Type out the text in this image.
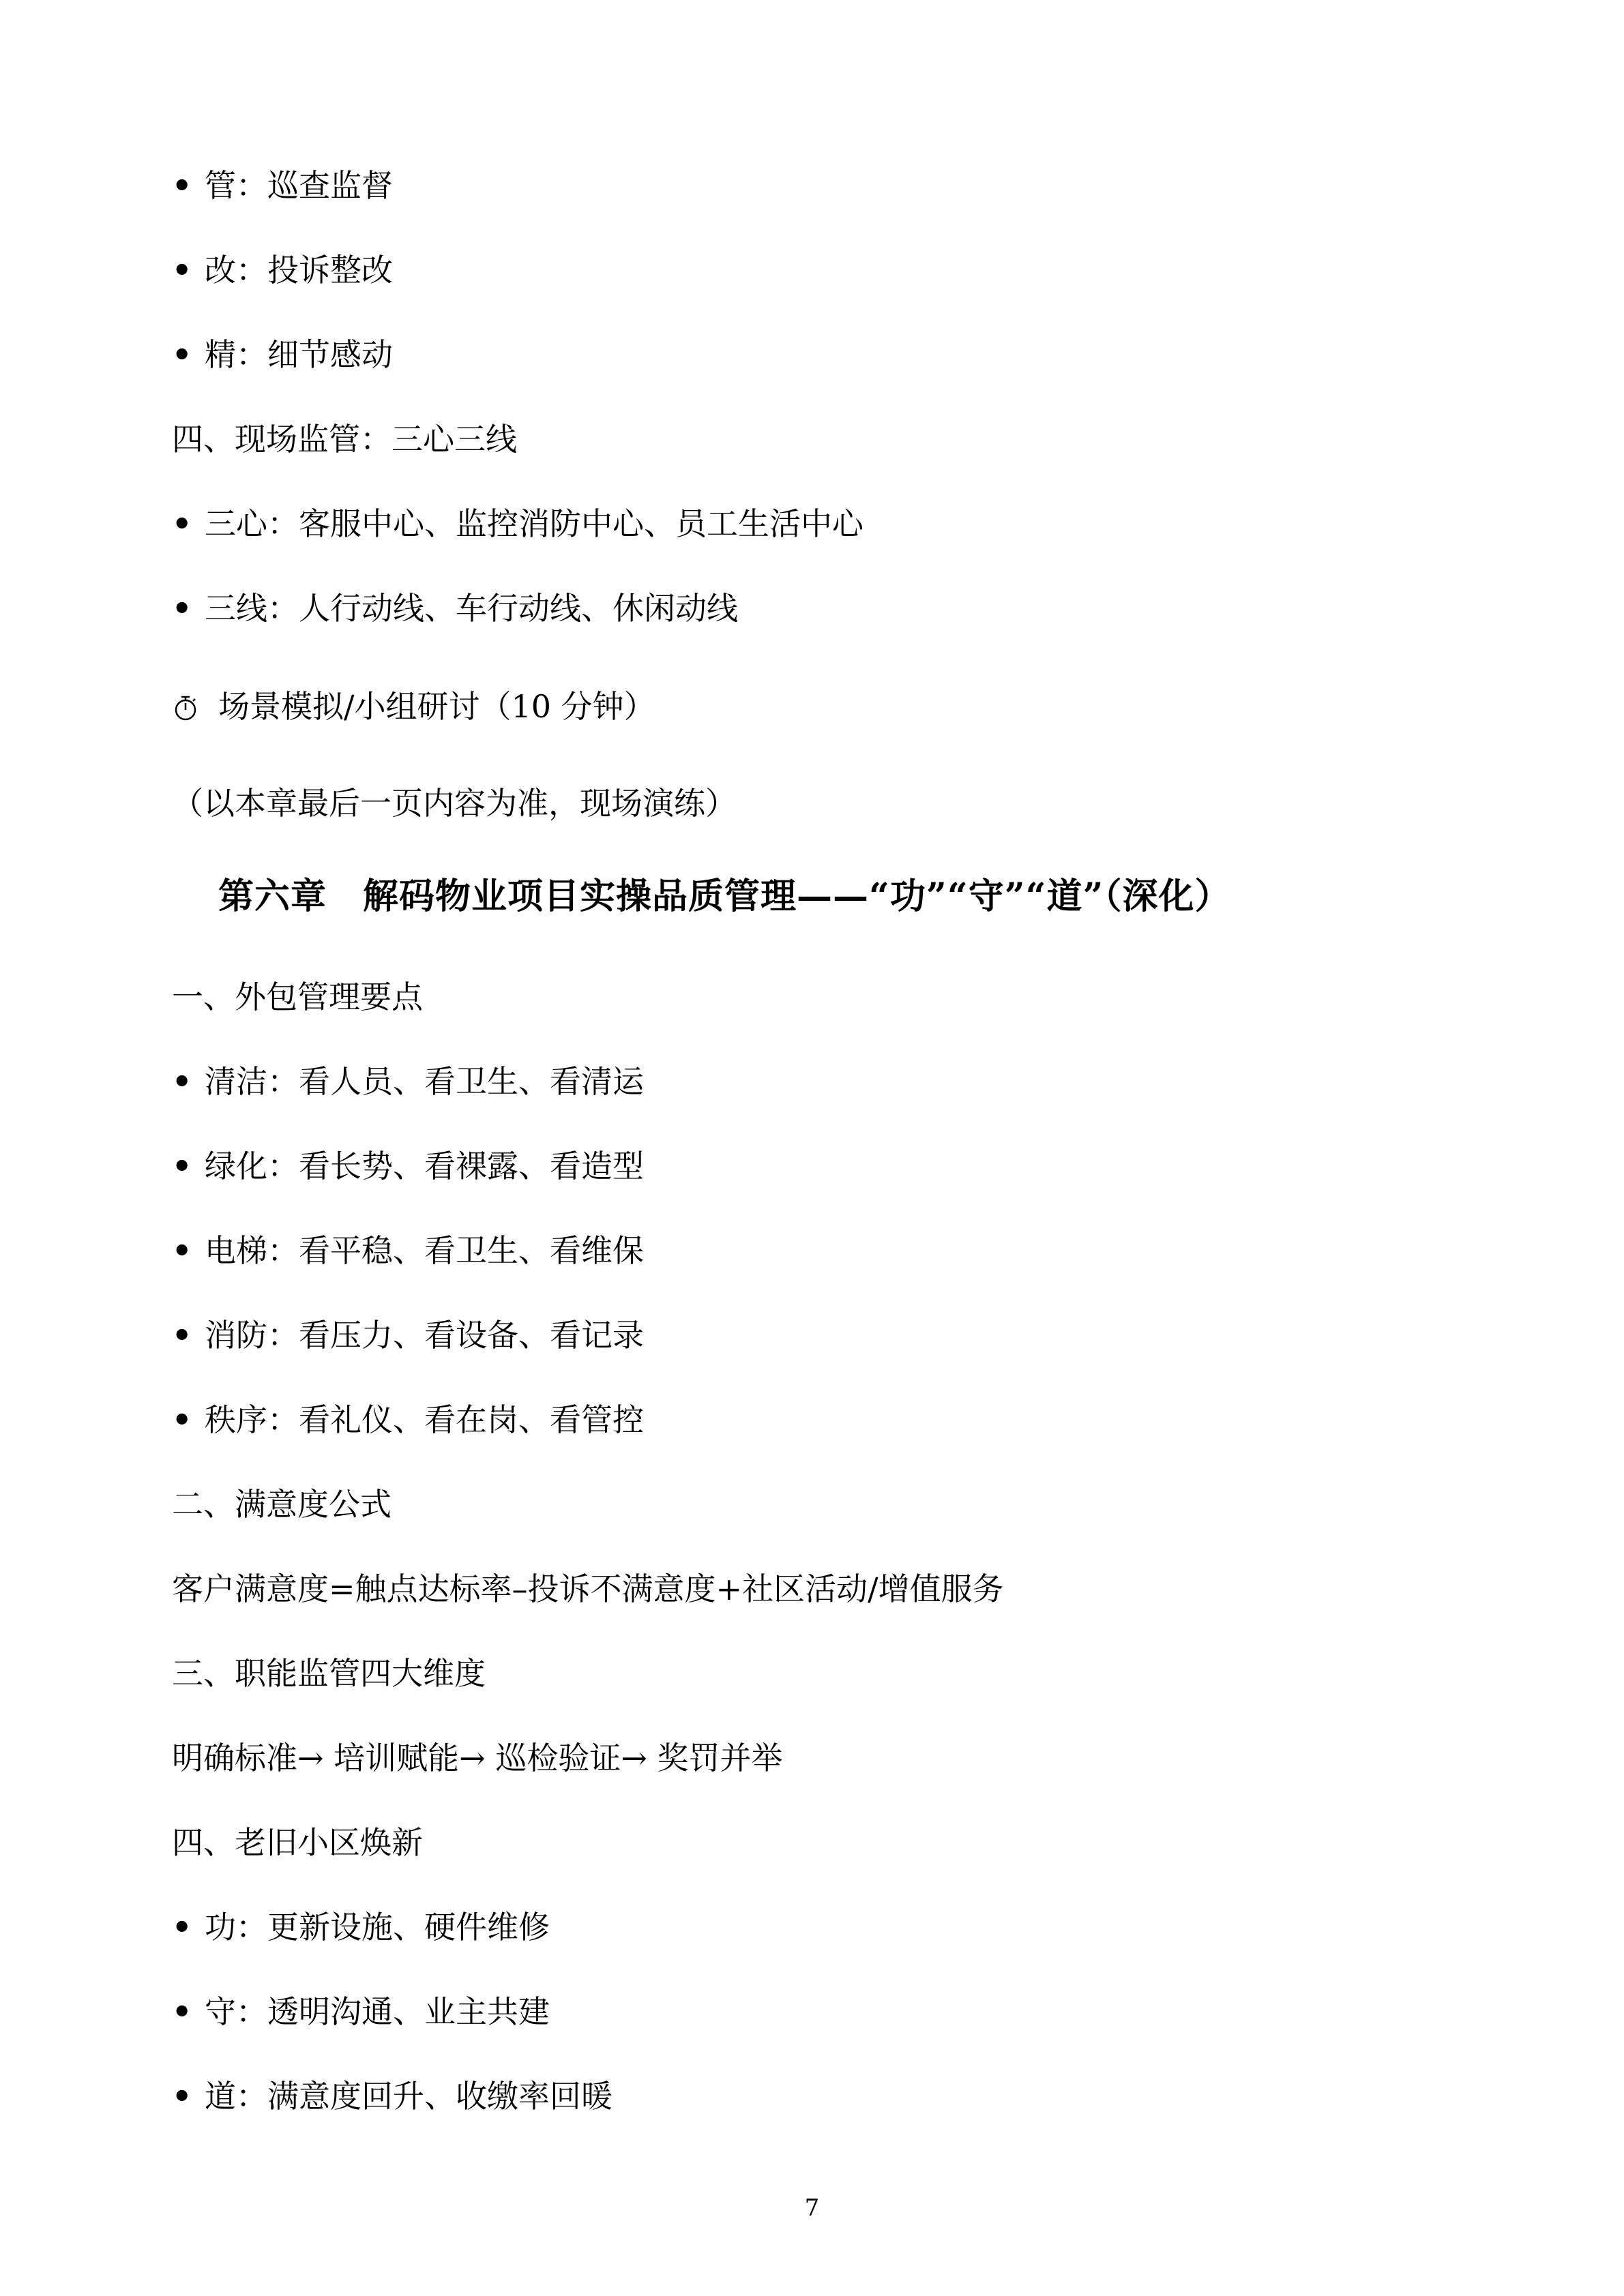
• 管：巡查监督
• 改：投诉整改
• 精：细节感动
四、现场监管：三心三线
• 三心：客服中心、监控消防中心、员工生活中心
• 三线：人行动线、车行动线、休闲动线
场景模拟/小组研讨（10 分钟）
（以本章最后一页内容为准，现场演练）
第六章　解码物业项目实操品质管理——“功”“守”“道”（深化）
一、外包管理要点
• 清洁：看人员、看卫生、看清运
• 绿化：看长势、看裸露、看造型
• 电梯：看平稳、看卫生、看维保
• 消防：看压力、看设备、看记录
• 秩序：看礼仪、看在岗、看管控
二、满意度公式
客户满意度=触点达标率–投诉不满意度+社区活动/增值服务
三、职能监管四大维度
明确标准→ 培训赋能→ 巡检验证→ 奖罚并举
四、老旧小区焕新
• 功：更新设施、硬件维修
• 守：透明沟通、业主共建
• 道：满意度回升、收缴率回暖
7
